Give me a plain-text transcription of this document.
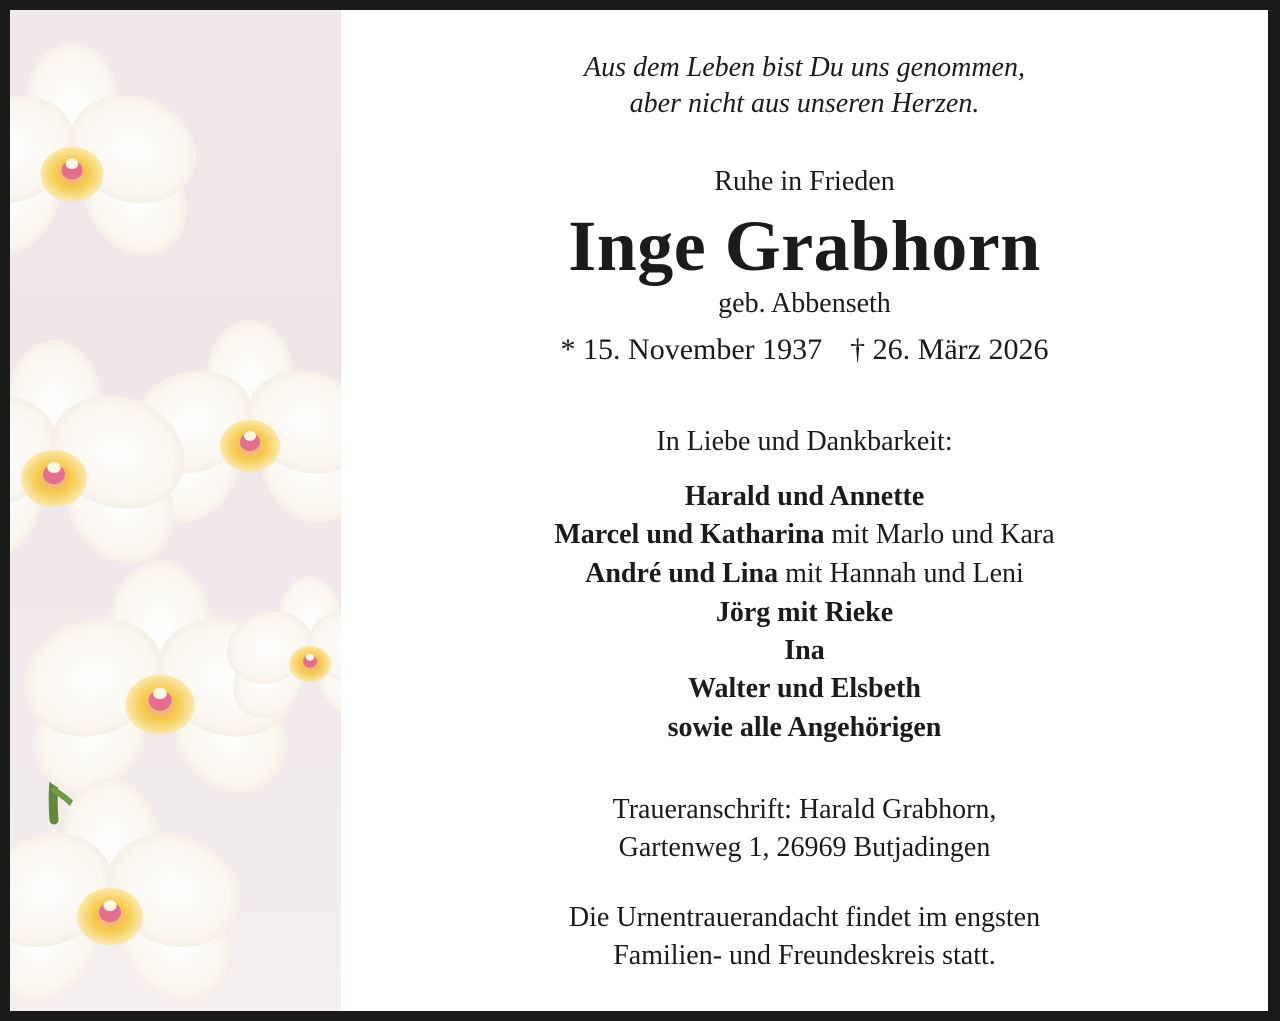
Aus dem Leben bist Du uns genommen,
aber nicht aus unseren Herzen.
Ruhe in Frieden
Inge Grabhorn
geb. Abbenseth
* 15. November 1937 † 26. März 2026
In Liebe und Dankbarkeit:
Harald und Annette
Marcel und Katharina mit Marlo und Kara
André und Lina mit Hannah und Leni
Jörg mit Rieke
Ina
Walter und Elsbeth
sowie alle Angehörigen
Traueranschrift: Harald Grabhorn,
Gartenweg 1, 26969 Butjadingen
Die Urnentrauerandacht findet im engsten
Familien- und Freundeskreis statt.
